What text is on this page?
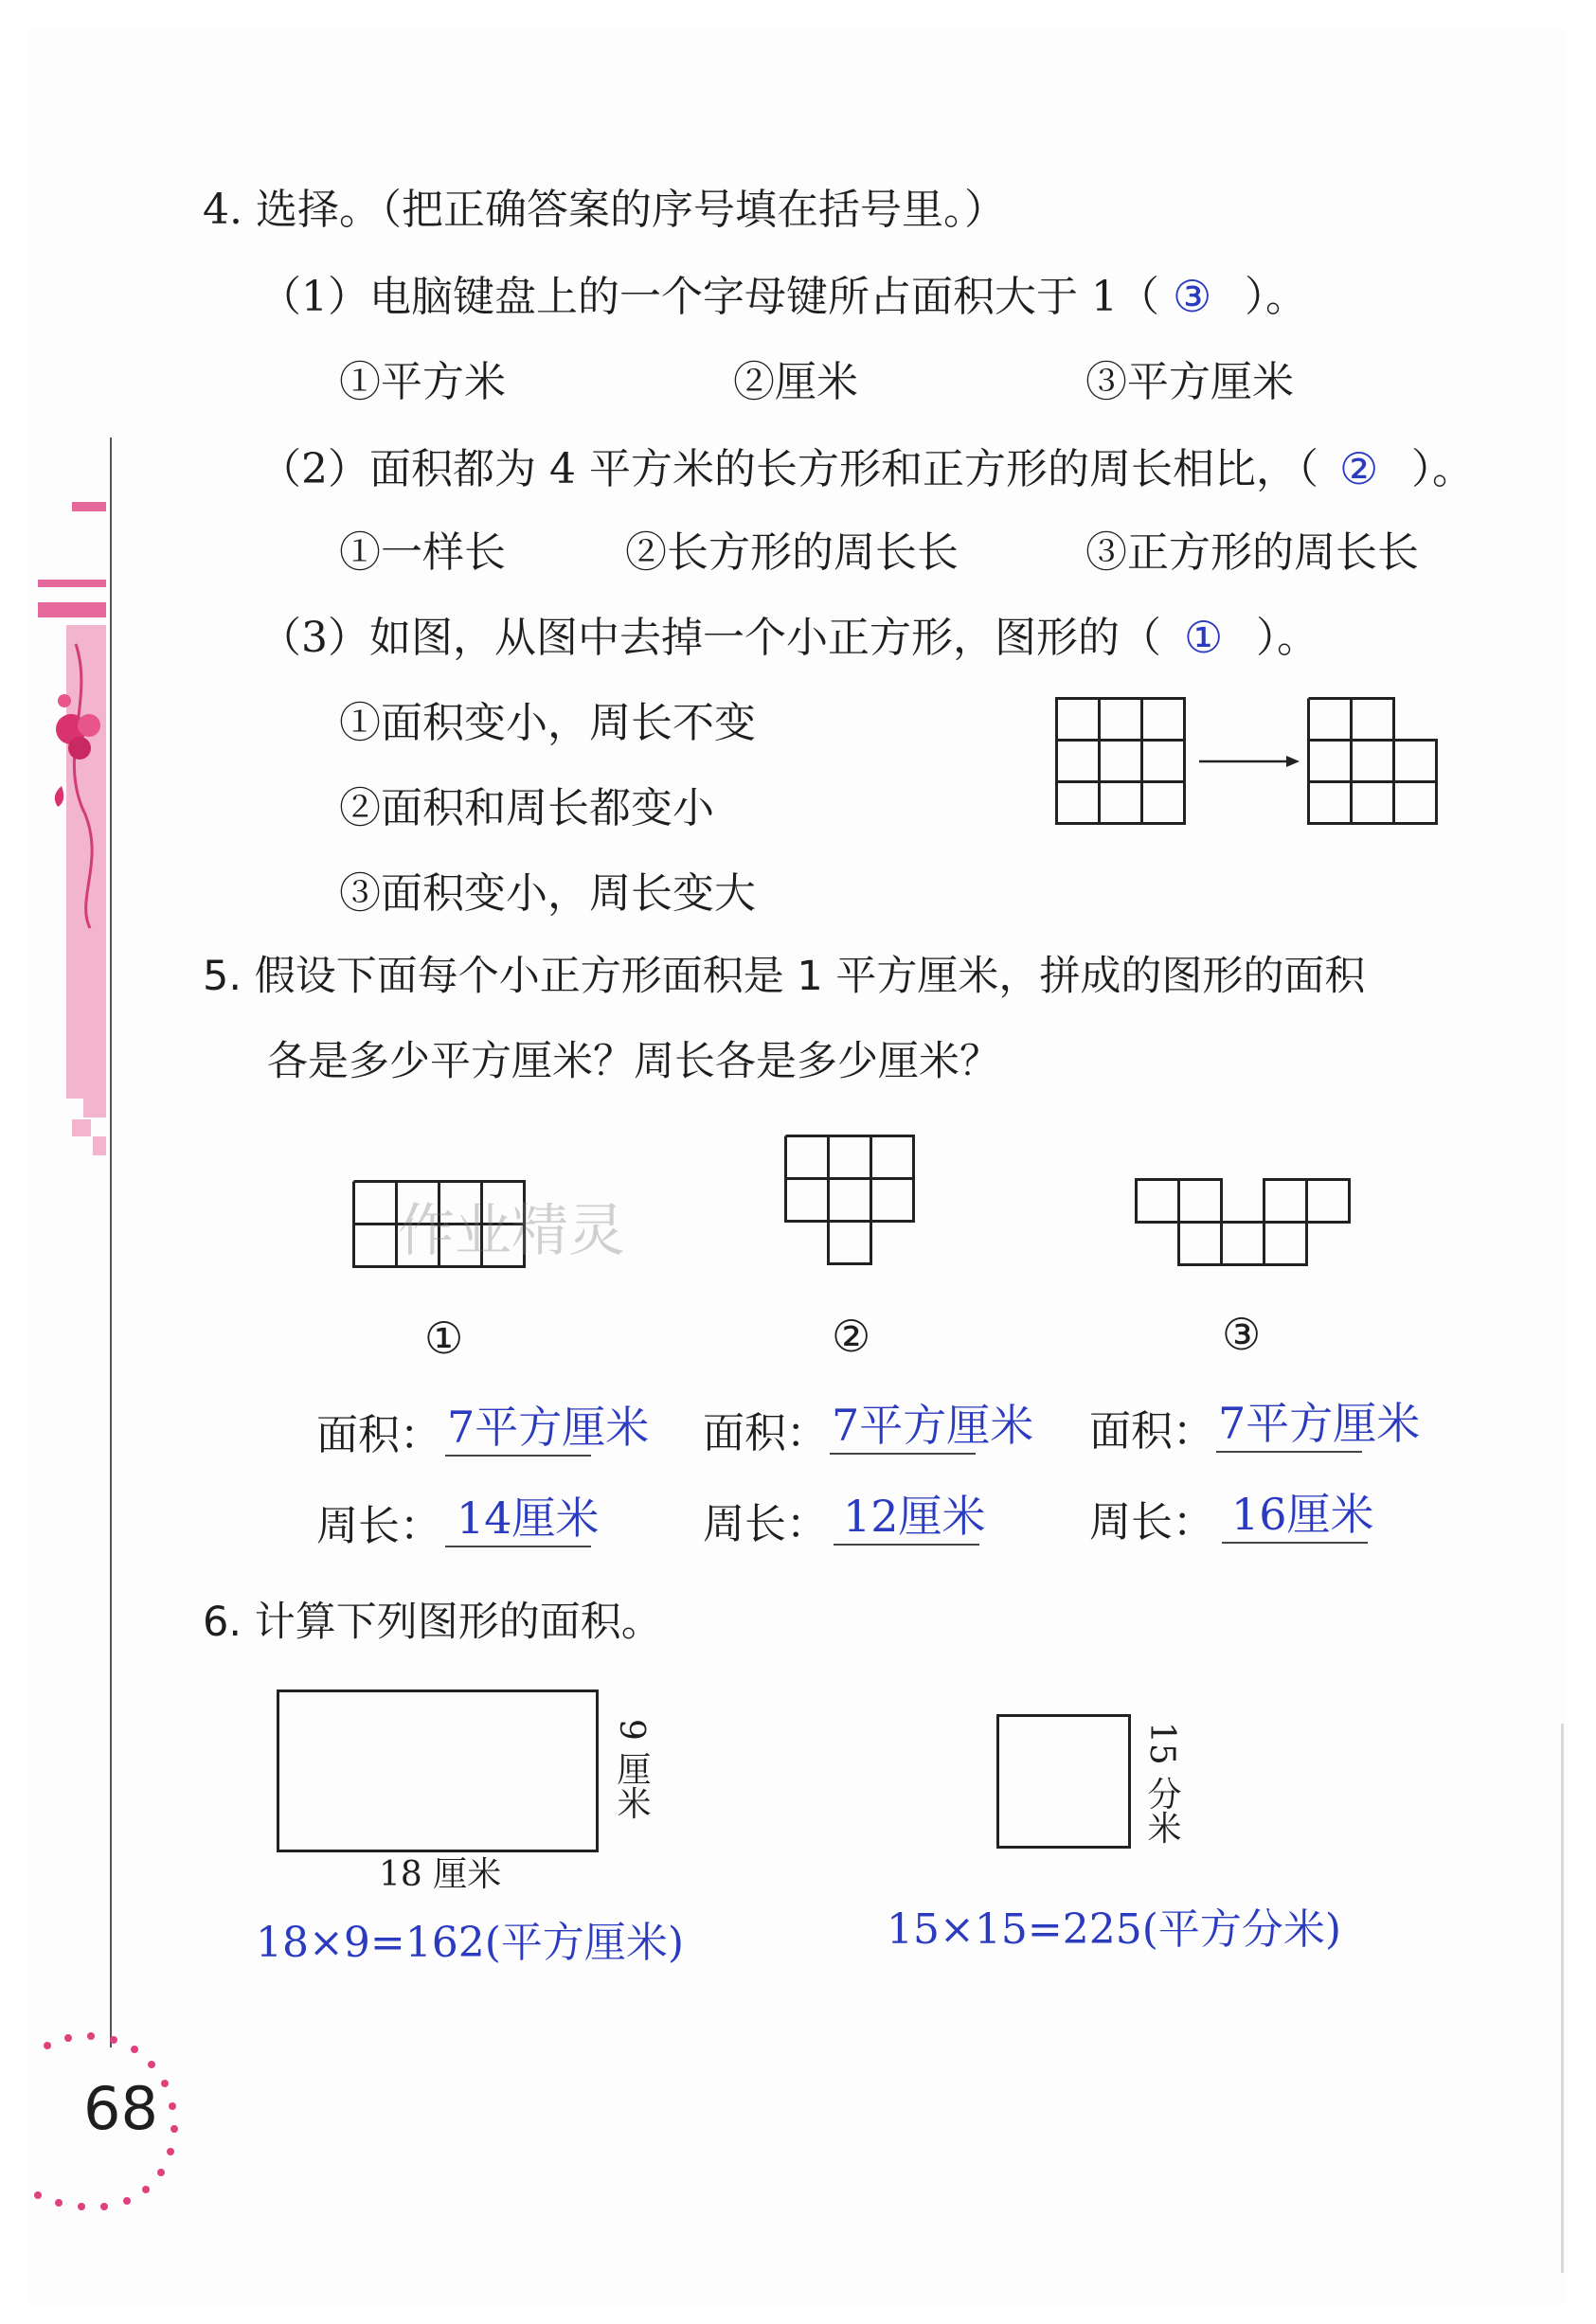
68
4. 选择。（把正确答案的序号填在括号里。）
（1）电脑键盘上的一个字母键所占面积大于 1（ ③ ）。
①平方米	②厘米	③平方厘米
（2）面积都为 4 平方米的长方形和正方形的周长相比，（ ② ）。
①一样长	②长方形的周长长	③正方形的周长长
（3）如图，从图中去掉一个小正方形，图形的（ ① ）。
①面积变小，周长不变
②面积和周长都变小
③面积变小，周长变大
5. 假设下面每个小正方形面积是 1 平方厘米，拼成的图形的面积
各是多少平方厘米？周长各是多少厘米？
作业精灵
①	②	③
面积： 7平方厘米
周长： 14厘米
面积： 7平方厘米
周长： 12厘米
面积： 7平方厘米
周长： 16厘米
6. 计算下列图形的面积。
18 厘米
9 厘米
18×9=162(平方厘米)
15 分米
15×15=225(平方分米)
